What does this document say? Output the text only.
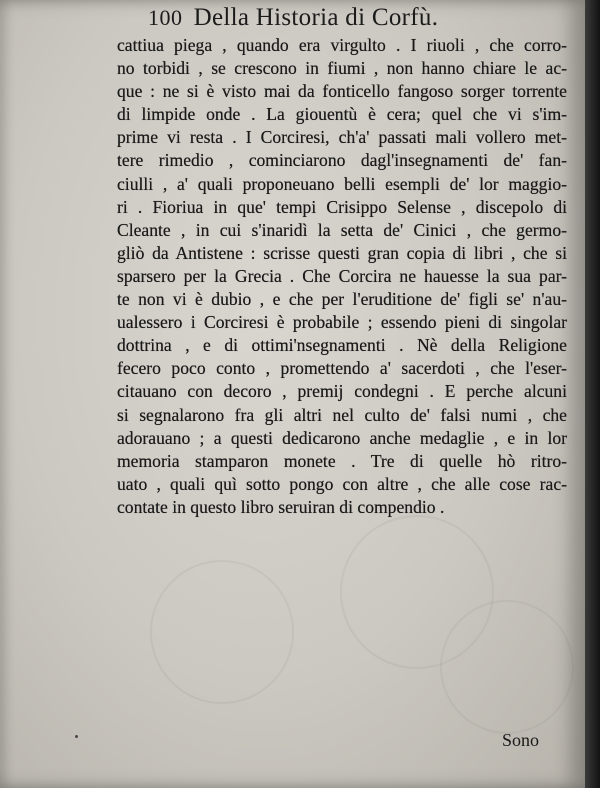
100 Della Historia di Corfù.
cattiua piega , quando era virgulto . I riuoli , che corro-
no torbidi , se crescono in fiumi , non hanno chiare le ac-
que : ne si è visto mai da fonticello fangoso sorger torrente
di limpide onde . La giouentù è cera; quel che vi s'im-
prime vi resta . I Corciresi, ch'a' passati mali vollero met-
tere rimedio , cominciarono dagl'insegnamenti de' fan-
ciulli , a' quali proponeuano belli esempli de' lor maggio-
ri . Fioriua in que' tempi Crisippo Selense , discepolo di
Cleante , in cui s'inaridì la setta de' Cinici , che germo-
gliò da Antistene : scrisse questi gran copia di libri , che si
sparsero per la Grecia . Che Corcira ne hauesse la sua par-
te non vi è dubio , e che per l'eruditione de' figli se' n'au-
ualessero i Corciresi è probabile ; essendo pieni di singolar
dottrina , e di ottimi'nsegnamenti . Nè della Religione
fecero poco conto , promettendo a' sacerdoti , che l'eser-
citauano con decoro , premij condegni . E perche alcuni
si segnalarono fra gli altri nel culto de' falsi numi , che
adorauano ; a questi dedicarono anche medaglie , e in lor
memoria stamparon monete . Tre di quelle hò ritro-
uato , quali quì sotto pongo con altre , che alle cose rac-
contate in questo libro seruiran di compendio .
Sono
